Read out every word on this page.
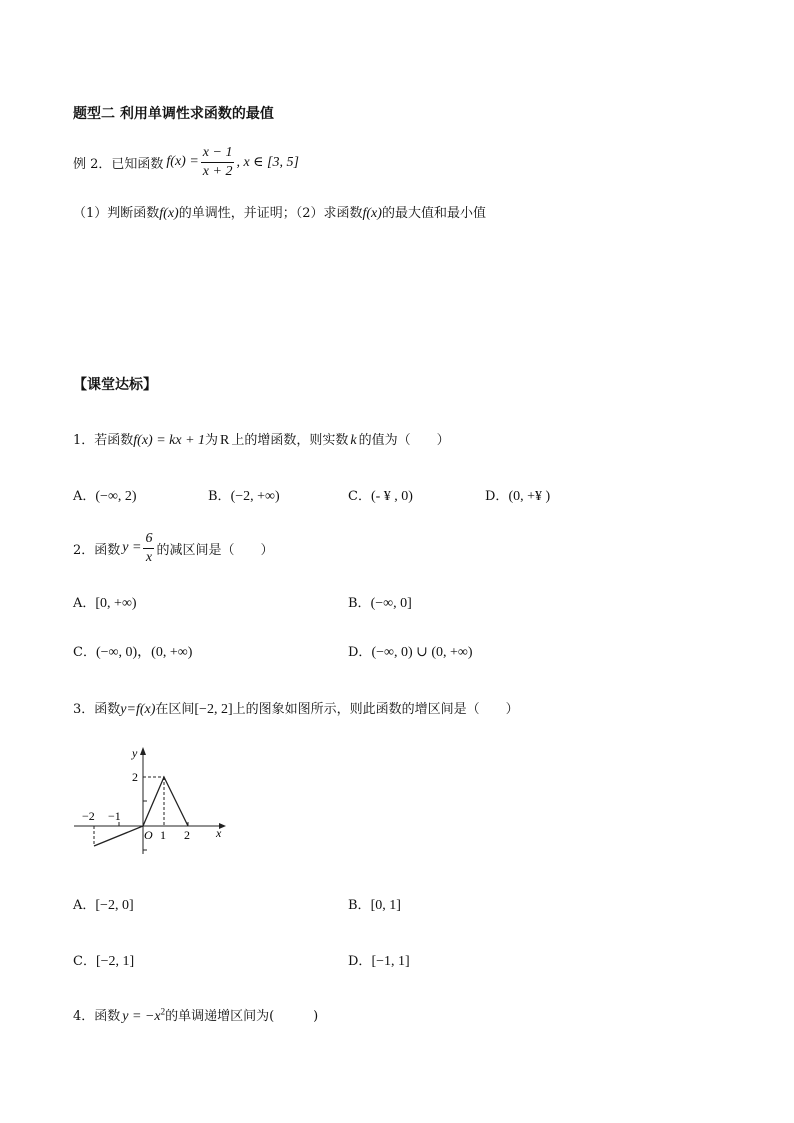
题型二 利用单调性求函数的最值
例 2．已知函数 $f(x) = \frac{x - 1}{x + 2}$ , x ∈ [3, 5]
（1）判断函数f(x)的单调性，并证明；（2）求函数f(x)的最大值和最小值
【课堂达标】
1．若函数f(x) = kx + 1为 R 上的增函数，则实数 k 的值为（　　）
A．(−∞, 2)	B．(−2, +∞)	C．(- ¥ , 0)	D．(0, +¥ )
2．函数 $y = \frac{6}{x}$ 的减区间是（　　）
A．[0, +∞)	B．(−∞, 0]
C．(−∞, 0)，(0, +∞)	D．(−∞, 0) ∪ (0, +∞)
3．函数y=f(x)在区间[−2, 2]上的图象如图所示，则此函数的增区间是（　　）
y
x
O
2
−2 −1
1 2
A．[−2, 0]	B．[0, 1]
C．[−2, 1]	D．[−1, 1]
4．函数 $y = -x^2$的单调递增区间为(　　　)
